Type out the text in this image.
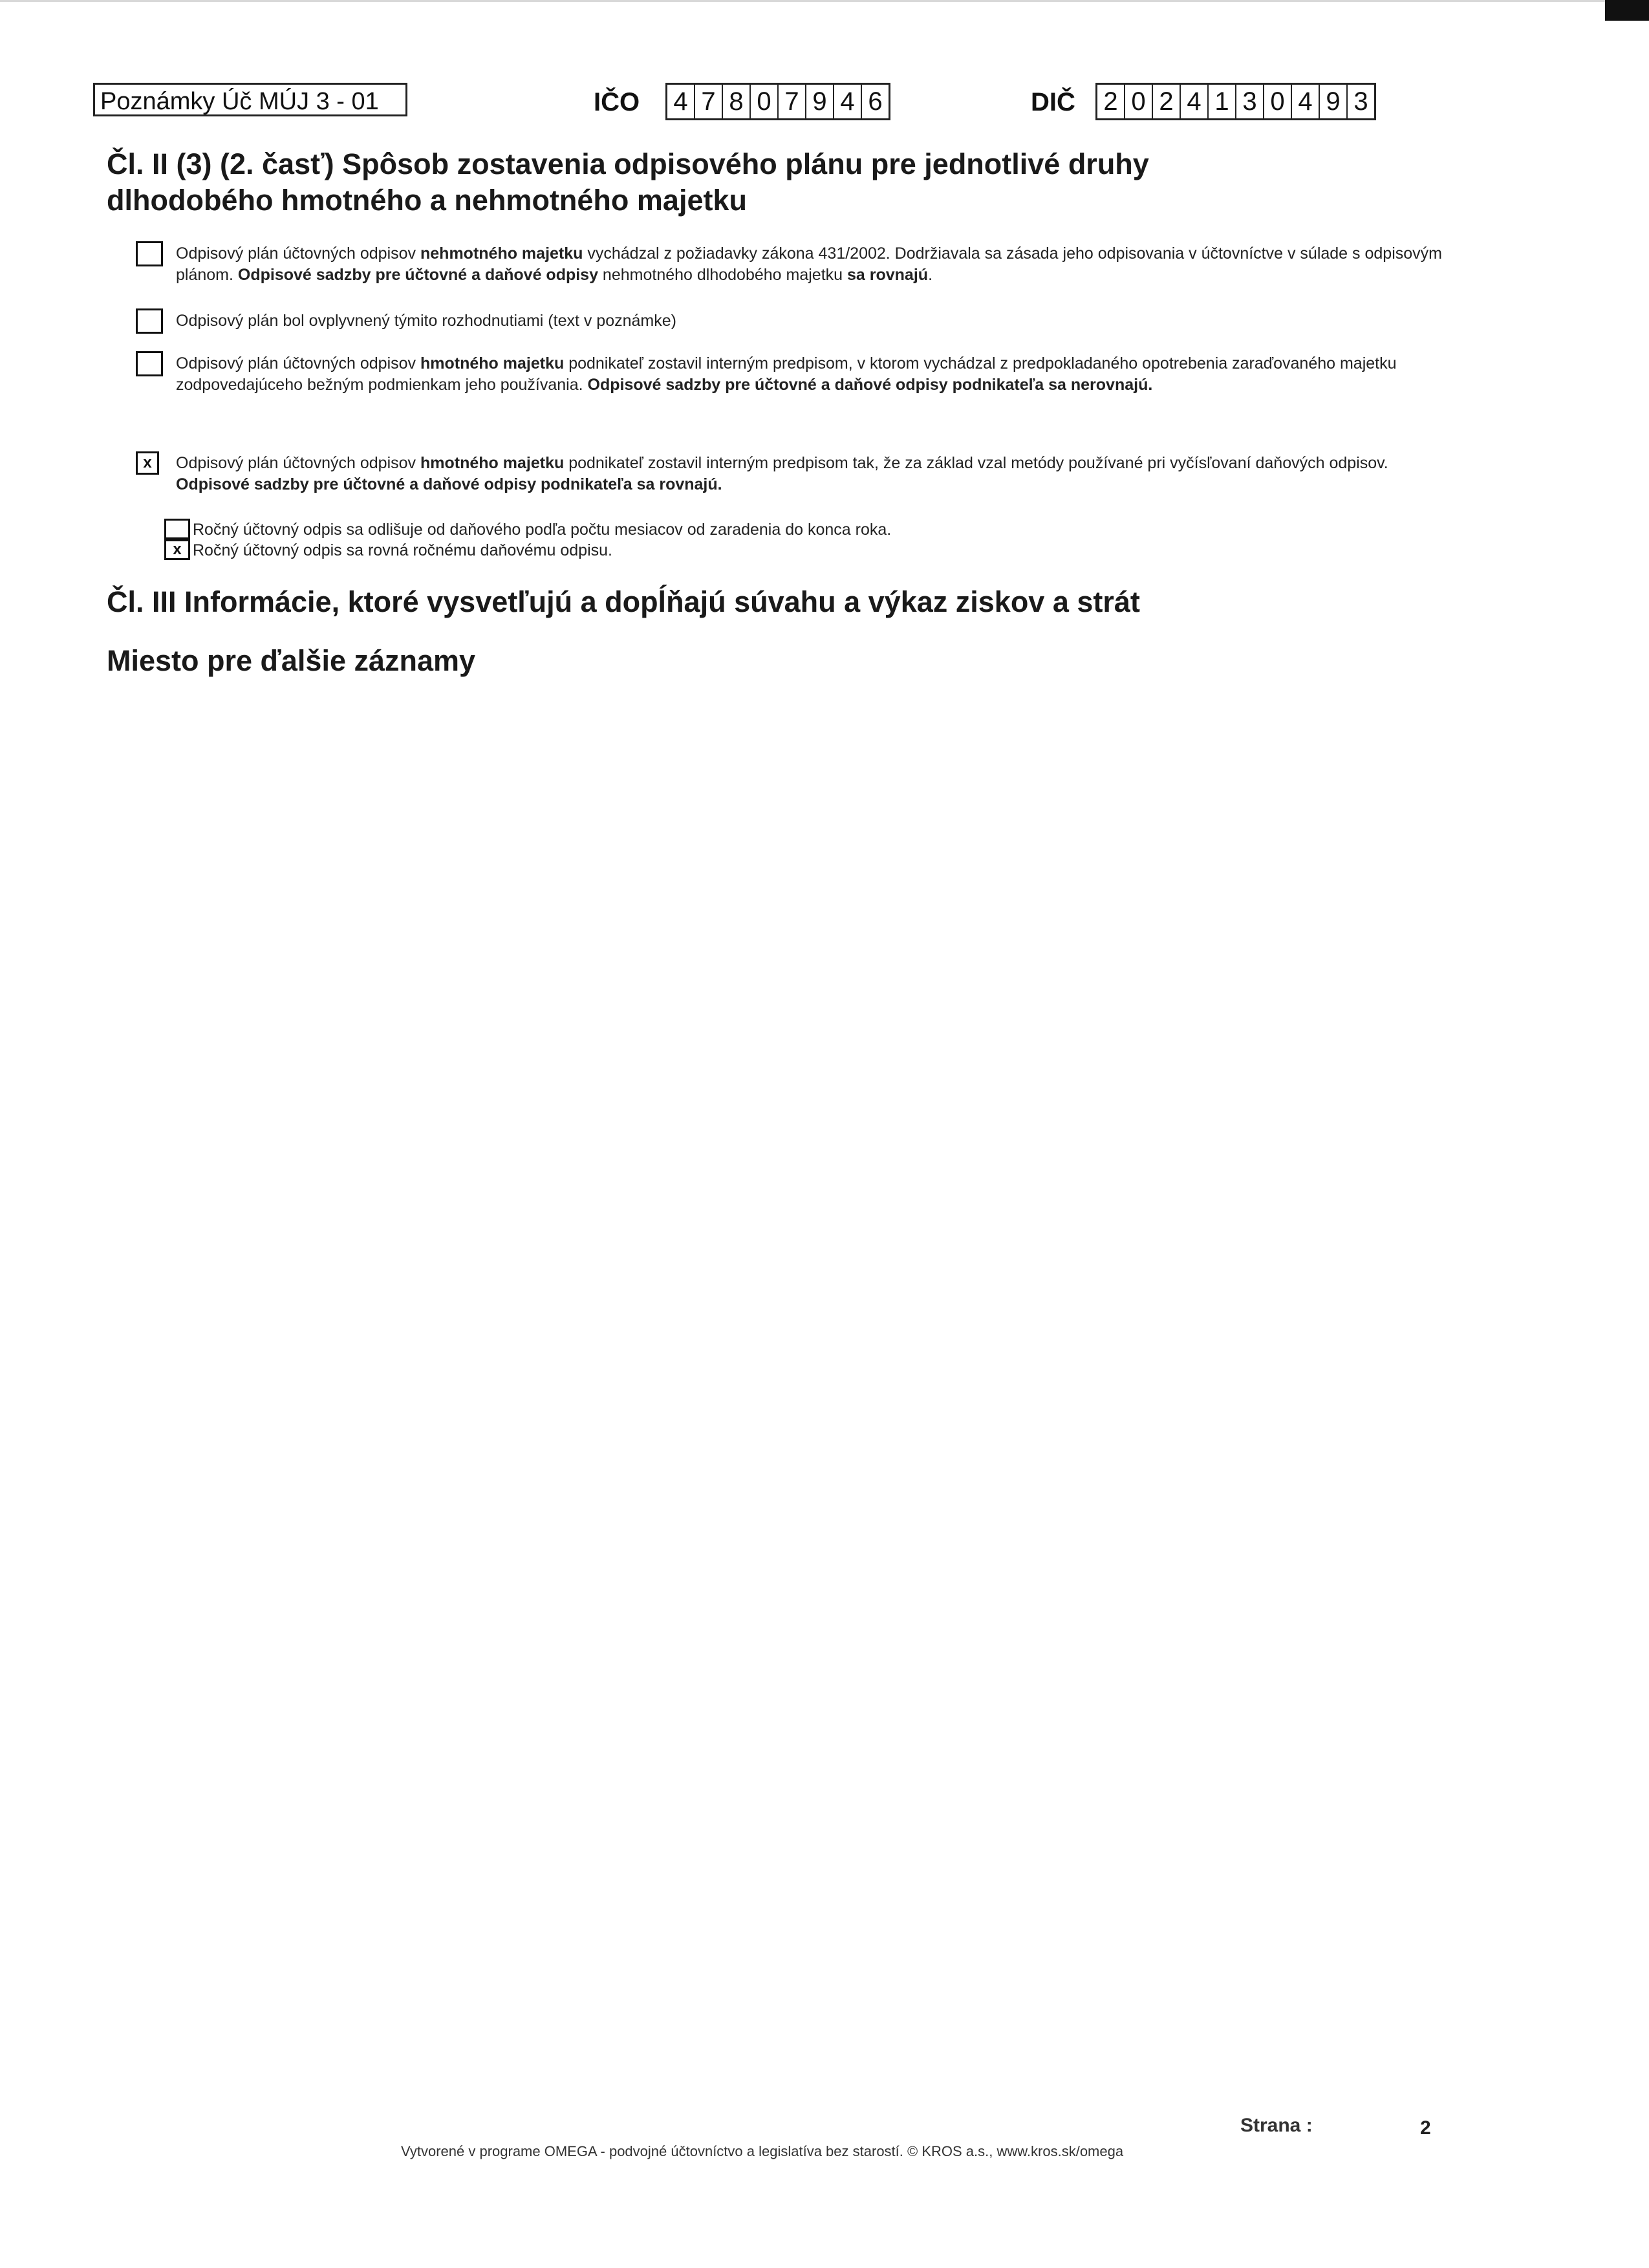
Poznámky Úč MÚJ 3 - 01	IČO 4 7 8 0 7 9 4 6	DIČ 2 0 2 4 1 3 0 4 9 3
Čl. II (3) (2. časť) Spôsob zostavenia odpisového plánu pre jednotlivé druhy
dlhodobého hmotného a nehmotného majetku
Odpisový plán účtovných odpisov nehmotného majetku vychádzal z požiadavky zákona 431/2002. Dodržiavala sa zásada jeho odpisovania v účtovníctve v súlade s odpisovým plánom. Odpisové sadzby pre účtovné a daňové odpisy nehmotného dlhodobého majetku sa rovnajú.
Odpisový plán bol ovplyvnený týmito rozhodnutiami (text v poznámke)
Odpisový plán účtovných odpisov hmotného majetku podnikateľ zostavil interným predpisom, v ktorom vychádzal z predpokladaného opotrebenia zaraďovaného majetku zodpovedajúceho bežným podmienkam jeho používania. Odpisové sadzby pre účtovné a daňové odpisy podnikateľa sa nerovnajú.
x	Odpisový plán účtovných odpisov hmotného majetku podnikateľ zostavil interným predpisom tak, že za základ vzal metódy používané pri vyčísľovaní daňových odpisov. Odpisové sadzby pre účtovné a daňové odpisy podnikateľa sa rovnajú.
Ročný účtovný odpis sa odlišuje od daňového podľa počtu mesiacov od zaradenia do konca roka.
x Ročný účtovný odpis sa rovná ročnému daňovému odpisu.
Čl. III Informácie, ktoré vysvetľujú a dopĺňajú súvahu a výkaz ziskov a strát
Miesto pre ďalšie záznamy
Strana :	2
Vytvorené v programe OMEGA - podvojné účtovníctvo a legislatíva bez starostí. © KROS a.s., www.kros.sk/omega
